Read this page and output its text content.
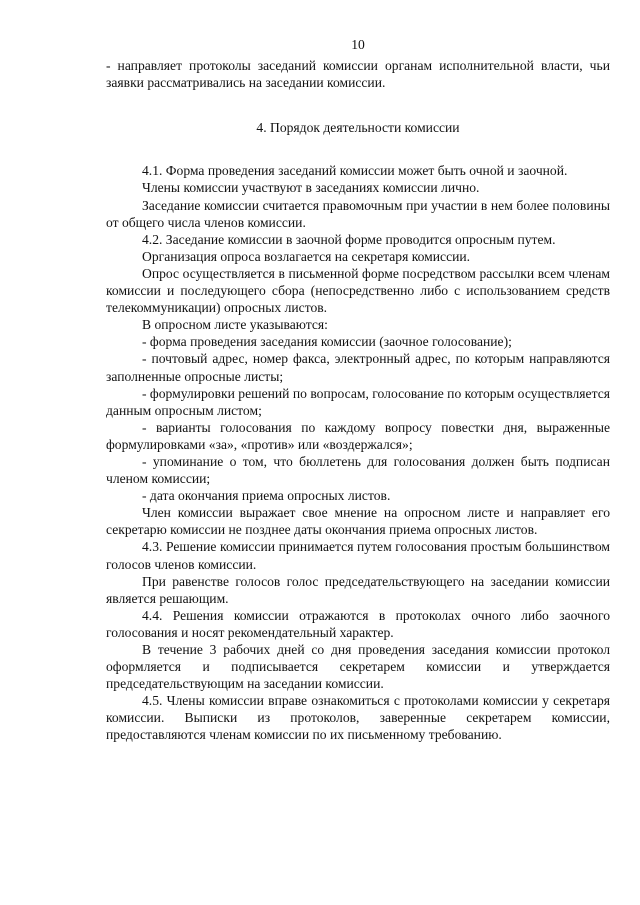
10

- направляет протоколы заседаний комиссии органам исполнительной власти, чьи заявки рассматривались на заседании комиссии.

4. Порядок деятельности комиссии

4.1. Форма проведения заседаний комиссии может быть очной и заочной.

Члены комиссии участвуют в заседаниях комиссии лично.

Заседание комиссии считается правомочным при участии в нем более половины от общего числа членов комиссии.

4.2. Заседание комиссии в заочной форме проводится опросным путем.

Организация опроса возлагается на секретаря комиссии.

Опрос осуществляется в письменной форме посредством рассылки всем членам комиссии и последующего сбора (непосредственно либо с использованием средств телекоммуникации) опросных листов.

В опросном листе указываются:

- форма проведения заседания комиссии (заочное голосование);

- почтовый адрес, номер факса, электронный адрес, по которым направляются заполненные опросные листы;

- формулировки решений по вопросам, голосование по которым осуществляется данным опросным листом;

- варианты голосования по каждому вопросу повестки дня, выраженные формулировками «за», «против» или «воздержался»;

- упоминание о том, что бюллетень для голосования должен быть подписан членом комиссии;

- дата окончания приема опросных листов.

Член комиссии выражает свое мнение на опросном листе и направляет его секретарю комиссии не позднее даты окончания приема опросных листов.

4.3. Решение комиссии принимается путем голосования простым большинством голосов членов комиссии.

При равенстве голосов голос председательствующего на заседании комиссии является решающим.

4.4. Решения комиссии отражаются в протоколах очного либо заочного голосования и носят рекомендательный характер.

В течение 3 рабочих дней со дня проведения заседания комиссии протокол оформляется и подписывается секретарем комиссии и утверждается председательствующим на заседании комиссии.

4.5. Члены комиссии вправе ознакомиться с протоколами комиссии у секретаря комиссии. Выписки из протоколов, заверенные секретарем комиссии, предоставляются членам комиссии по их письменному требованию.
